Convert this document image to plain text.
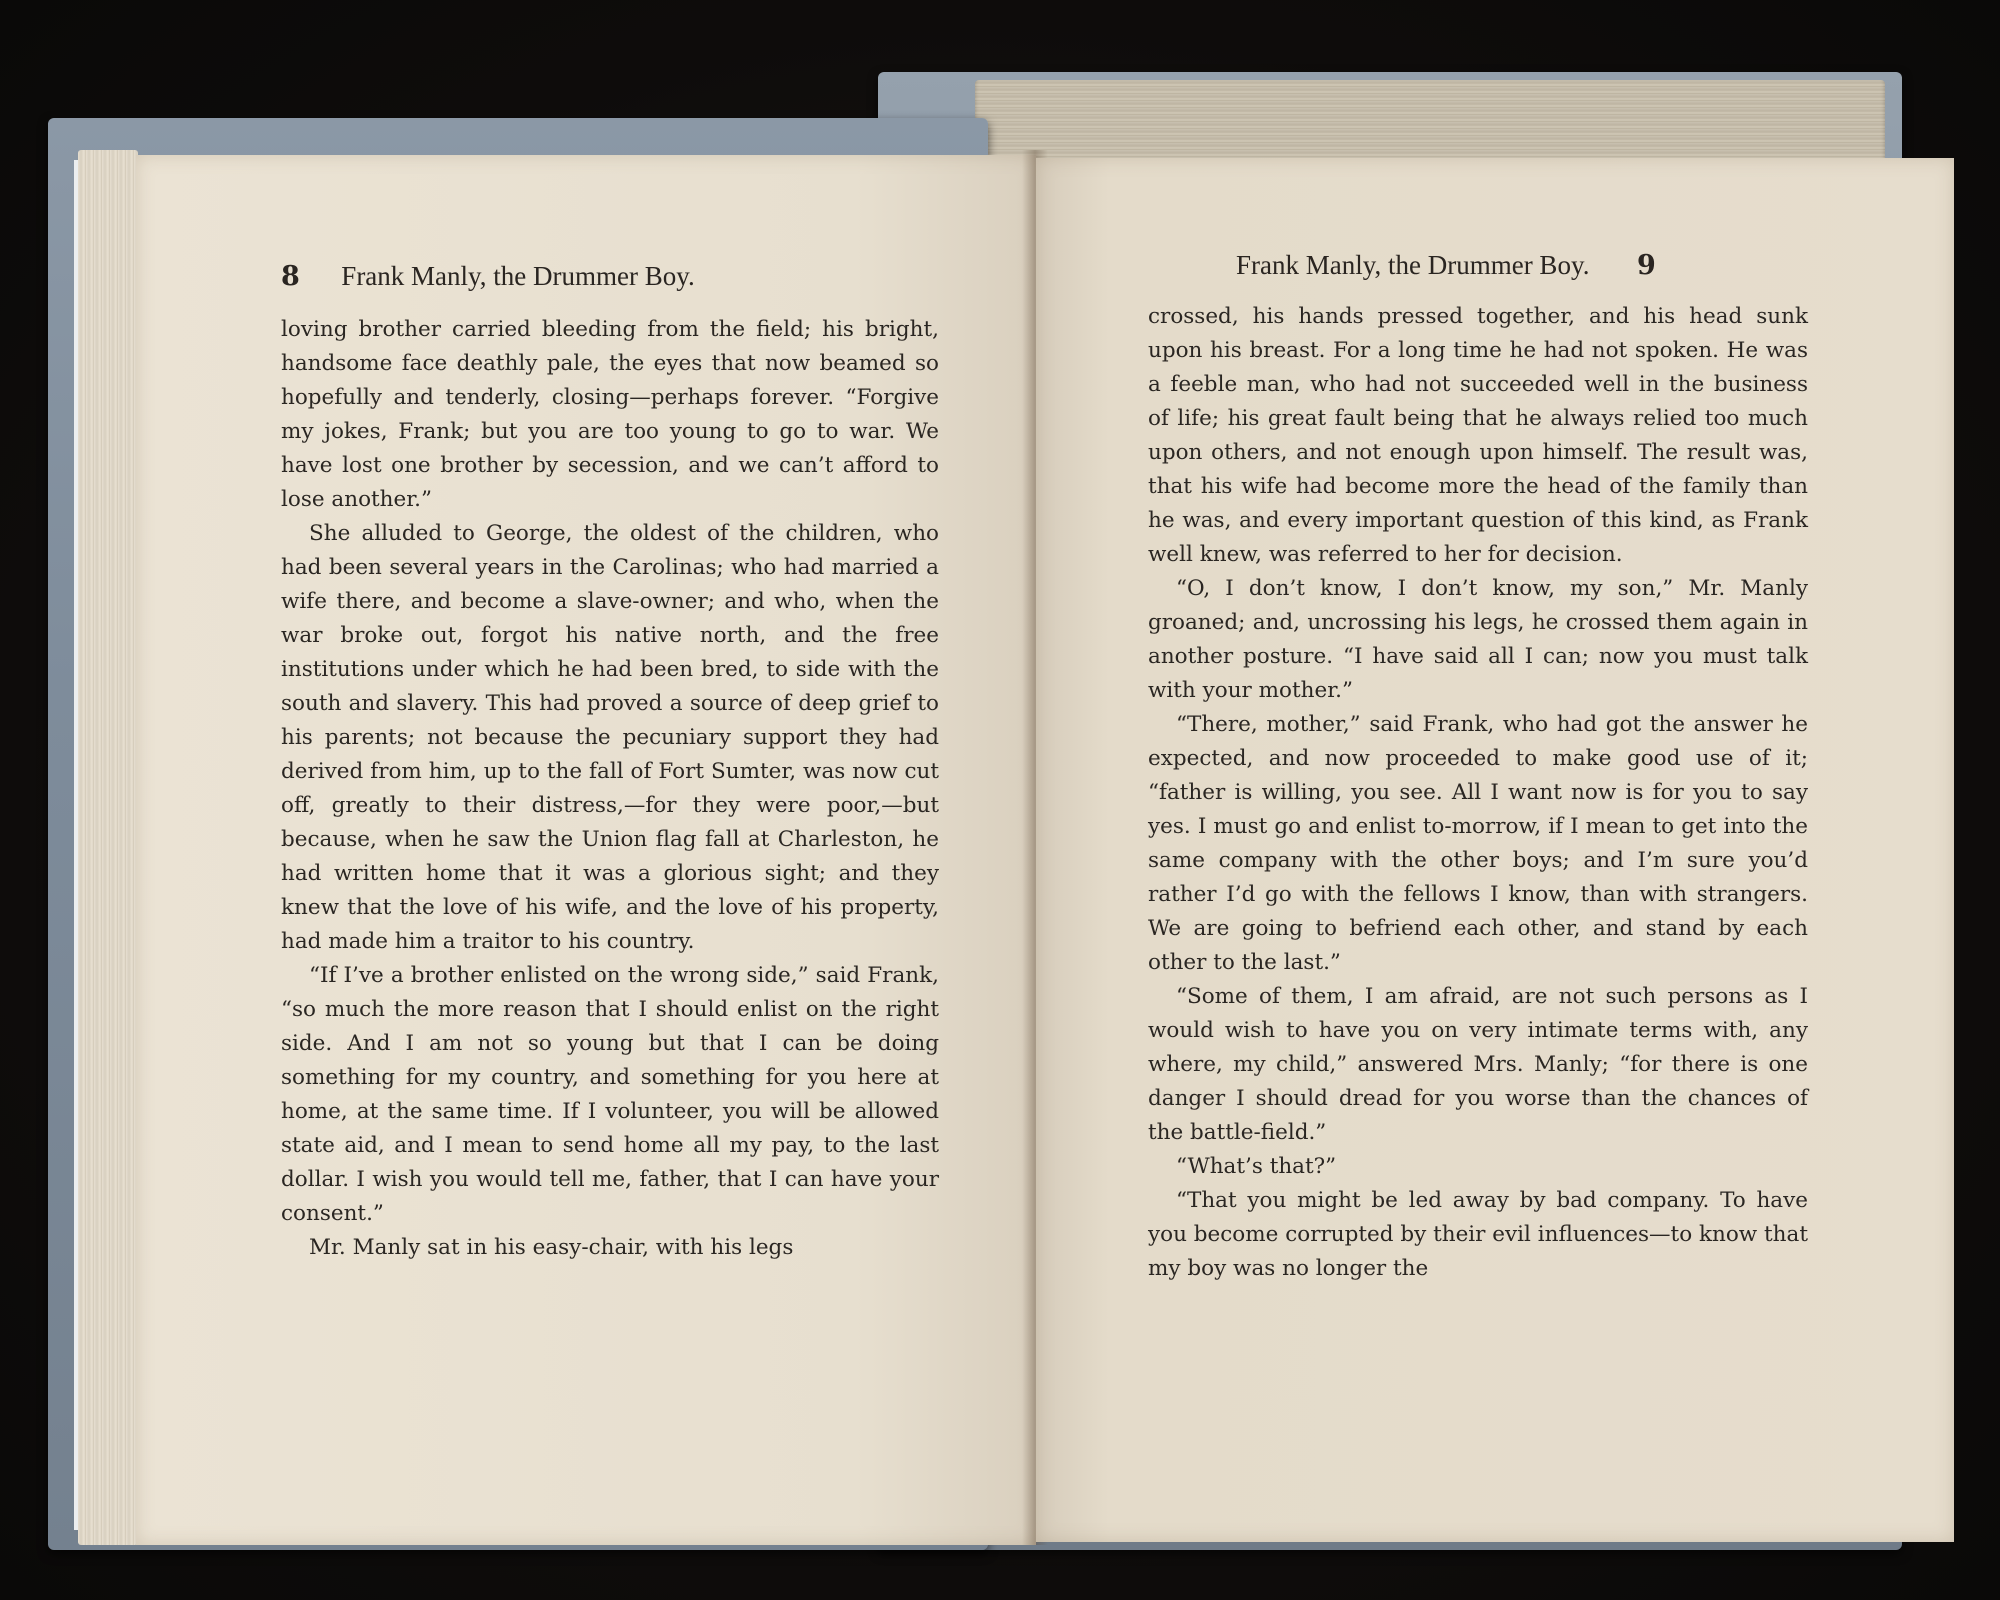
8 Frank Manly, the Drummer Boy.

loving brother carried bleeding from the field; his bright, handsome face deathly pale, the eyes that now beamed so hopefully and tenderly, closing—perhaps forever. “Forgive my jokes, Frank; but you are too young to go to war. We have lost one brother by secession, and we can’t afford to lose another.”

She alluded to George, the oldest of the children, who had been several years in the Carolinas; who had married a wife there, and become a slave-owner; and who, when the war broke out, forgot his native north, and the free institutions under which he had been bred, to side with the south and slavery. This had proved a source of deep grief to his parents; not because the pecuniary support they had derived from him, up to the fall of Fort Sumter, was now cut off, greatly to their distress,—for they were poor,—but because, when he saw the Union flag fall at Charleston, he had written home that it was a glorious sight; and they knew that the love of his wife, and the love of his property, had made him a traitor to his country.

“If I’ve a brother enlisted on the wrong side,” said Frank, “so much the more reason that I should enlist on the right side. And I am not so young but that I can be doing something for my country, and something for you here at home, at the same time. If I volunteer, you will be allowed state aid, and I mean to send home all my pay, to the last dollar. I wish you would tell me, father, that I can have your consent.”

Mr. Manly sat in his easy-chair, with his legs

Frank Manly, the Drummer Boy. 9

crossed, his hands pressed together, and his head sunk upon his breast. For a long time he had not spoken. He was a feeble man, who had not succeeded well in the business of life; his great fault being that he always relied too much upon others, and not enough upon himself. The result was, that his wife had become more the head of the family than he was, and every important question of this kind, as Frank well knew, was referred to her for decision.

“O, I don’t know, I don’t know, my son,” Mr. Manly groaned; and, uncrossing his legs, he crossed them again in another posture. “I have said all I can; now you must talk with your mother.”

“There, mother,” said Frank, who had got the answer he expected, and now proceeded to make good use of it; “father is willing, you see. All I want now is for you to say yes. I must go and enlist to-morrow, if I mean to get into the same company with the other boys; and I’m sure you’d rather I’d go with the fellows I know, than with strangers. We are going to befriend each other, and stand by each other to the last.”

“Some of them, I am afraid, are not such persons as I would wish to have you on very intimate terms with, any where, my child,” answered Mrs. Manly; “for there is one danger I should dread for you worse than the chances of the battle-field.”

“What’s that?”

“That you might be led away by bad company. To have you become corrupted by their evil influences—to know that my boy was no longer the
